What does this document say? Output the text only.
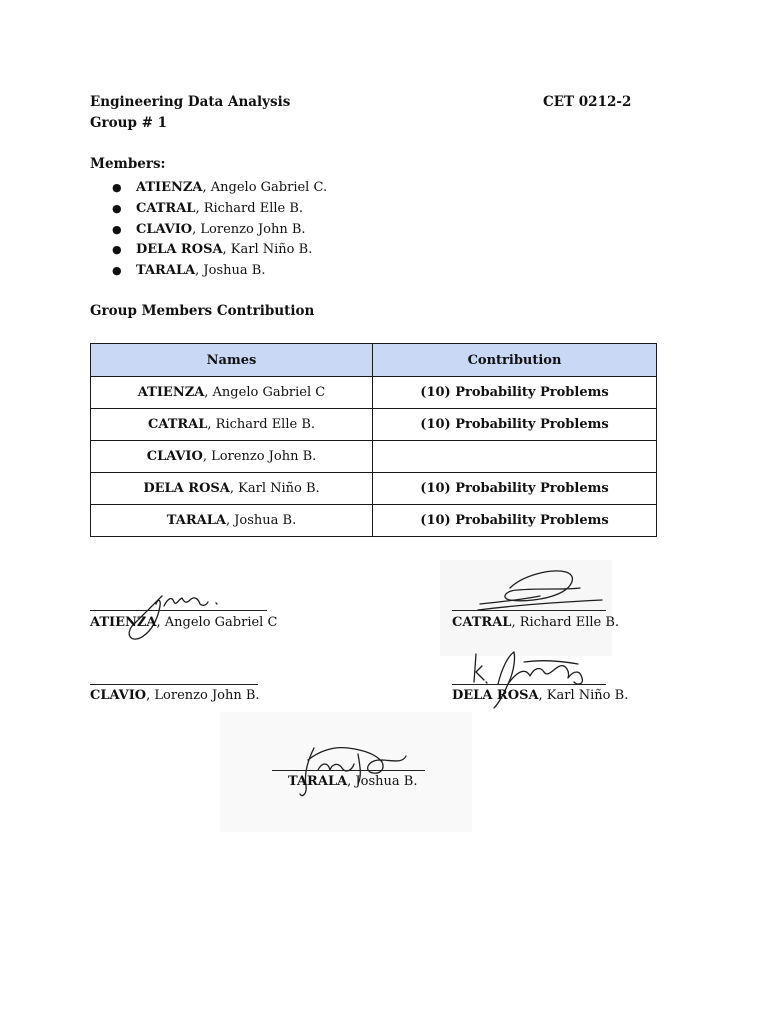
Engineering Data Analysis	CET 0212-2
Group # 1
Members:
● ATIENZA, Angelo Gabriel C.
● CATRAL, Richard Elle B.
● CLAVIO, Lorenzo John B.
● DELA ROSA, Karl Niño B.
● TARALA, Joshua B.
Group Members Contribution
Names	Contribution
ATIENZA, Angelo Gabriel C	(10) Probability Problems
CATRAL, Richard Elle B.	(10) Probability Problems
CLAVIO, Lorenzo John B.	
DELA ROSA, Karl Niño B.	(10) Probability Problems
TARALA, Joshua B.	(10) Probability Problems
ATIENZA, Angelo Gabriel C	CATRAL, Richard Elle B.
CLAVIO, Lorenzo John B.	DELA ROSA, Karl Niño B.
TARALA, Joshua B.
